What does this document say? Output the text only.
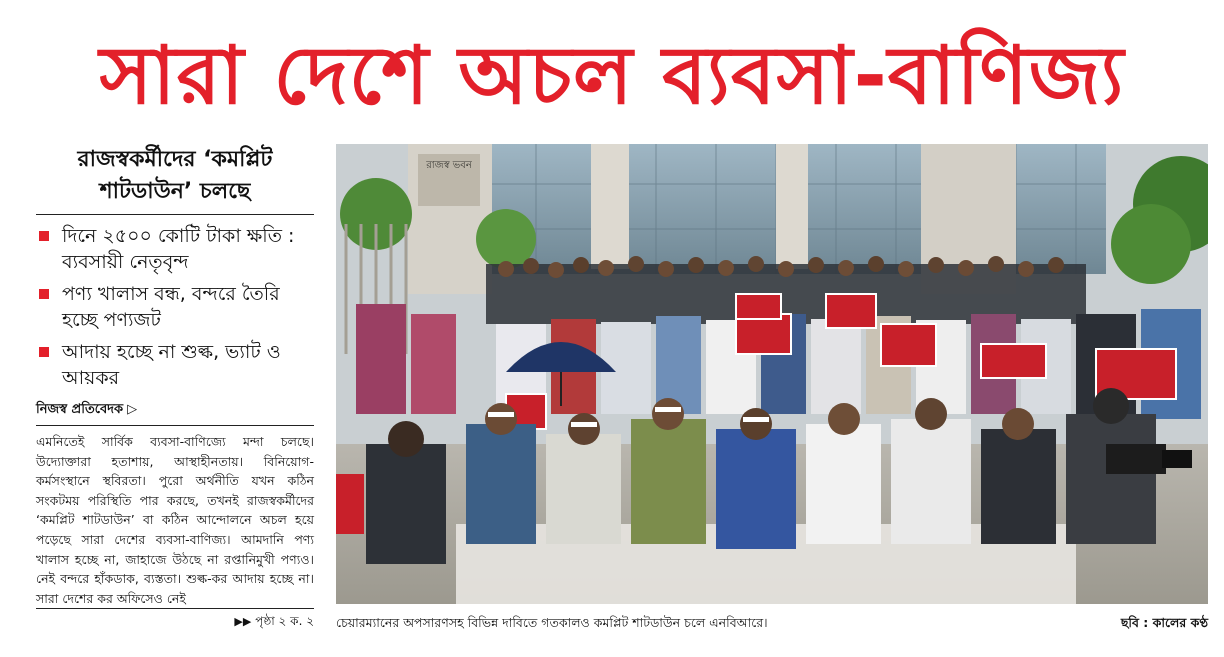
সারা দেশে অচল ব্যবসা-বাণিজ্য
রাজস্বকর্মীদের ‘কমপ্লিট শাটডাউন’ চলছে
দিনে ২৫০০ কোটি টাকা ক্ষতি : ব্যবসায়ী নেতৃবৃন্দ
পণ্য খালাস বন্ধ, বন্দরে তৈরি হচ্ছে পণ্যজট
আদায় হচ্ছে না শুল্ক, ভ্যাট ও আয়কর
নিজস্ব প্রতিবেদক ▷
এমনিতেই সার্বিক ব্যবসা-বাণিজ্যে মন্দা চলছে। উদ্যোক্তারা হতাশায়, আস্থাহীনতায়। বিনিয়োগ-কর্মসংস্থানে স্থবিরতা। পুরো অর্থনীতি যখন কঠিন সংকটময় পরিস্থিতি পার করছে, তখনই রাজস্বকর্মীদের ‘কমপ্লিট শাটডাউন’ বা কঠিন আন্দোলনে অচল হয়ে পড়েছে সারা দেশের ব্যবসা-বাণিজ্য। আমদানি পণ্য খালাস হচ্ছে না, জাহাজে উঠছে না রপ্তানিমুখী পণ্যও। নেই বন্দরে হাঁকডাক, ব্যস্ততা। শুল্ক-কর আদায় হচ্ছে না। সারা দেশের কর অফিসেও নেই
▶▶ পৃষ্ঠা ২ ক. ২
রাজস্ব ভবন
চেয়ারম্যানের অপসারণসহ বিভিন্ন দাবিতে গতকালও কমপ্লিট শাটডাউন চলে এনবিআরে।	ছবি : কালের কণ্ঠ
